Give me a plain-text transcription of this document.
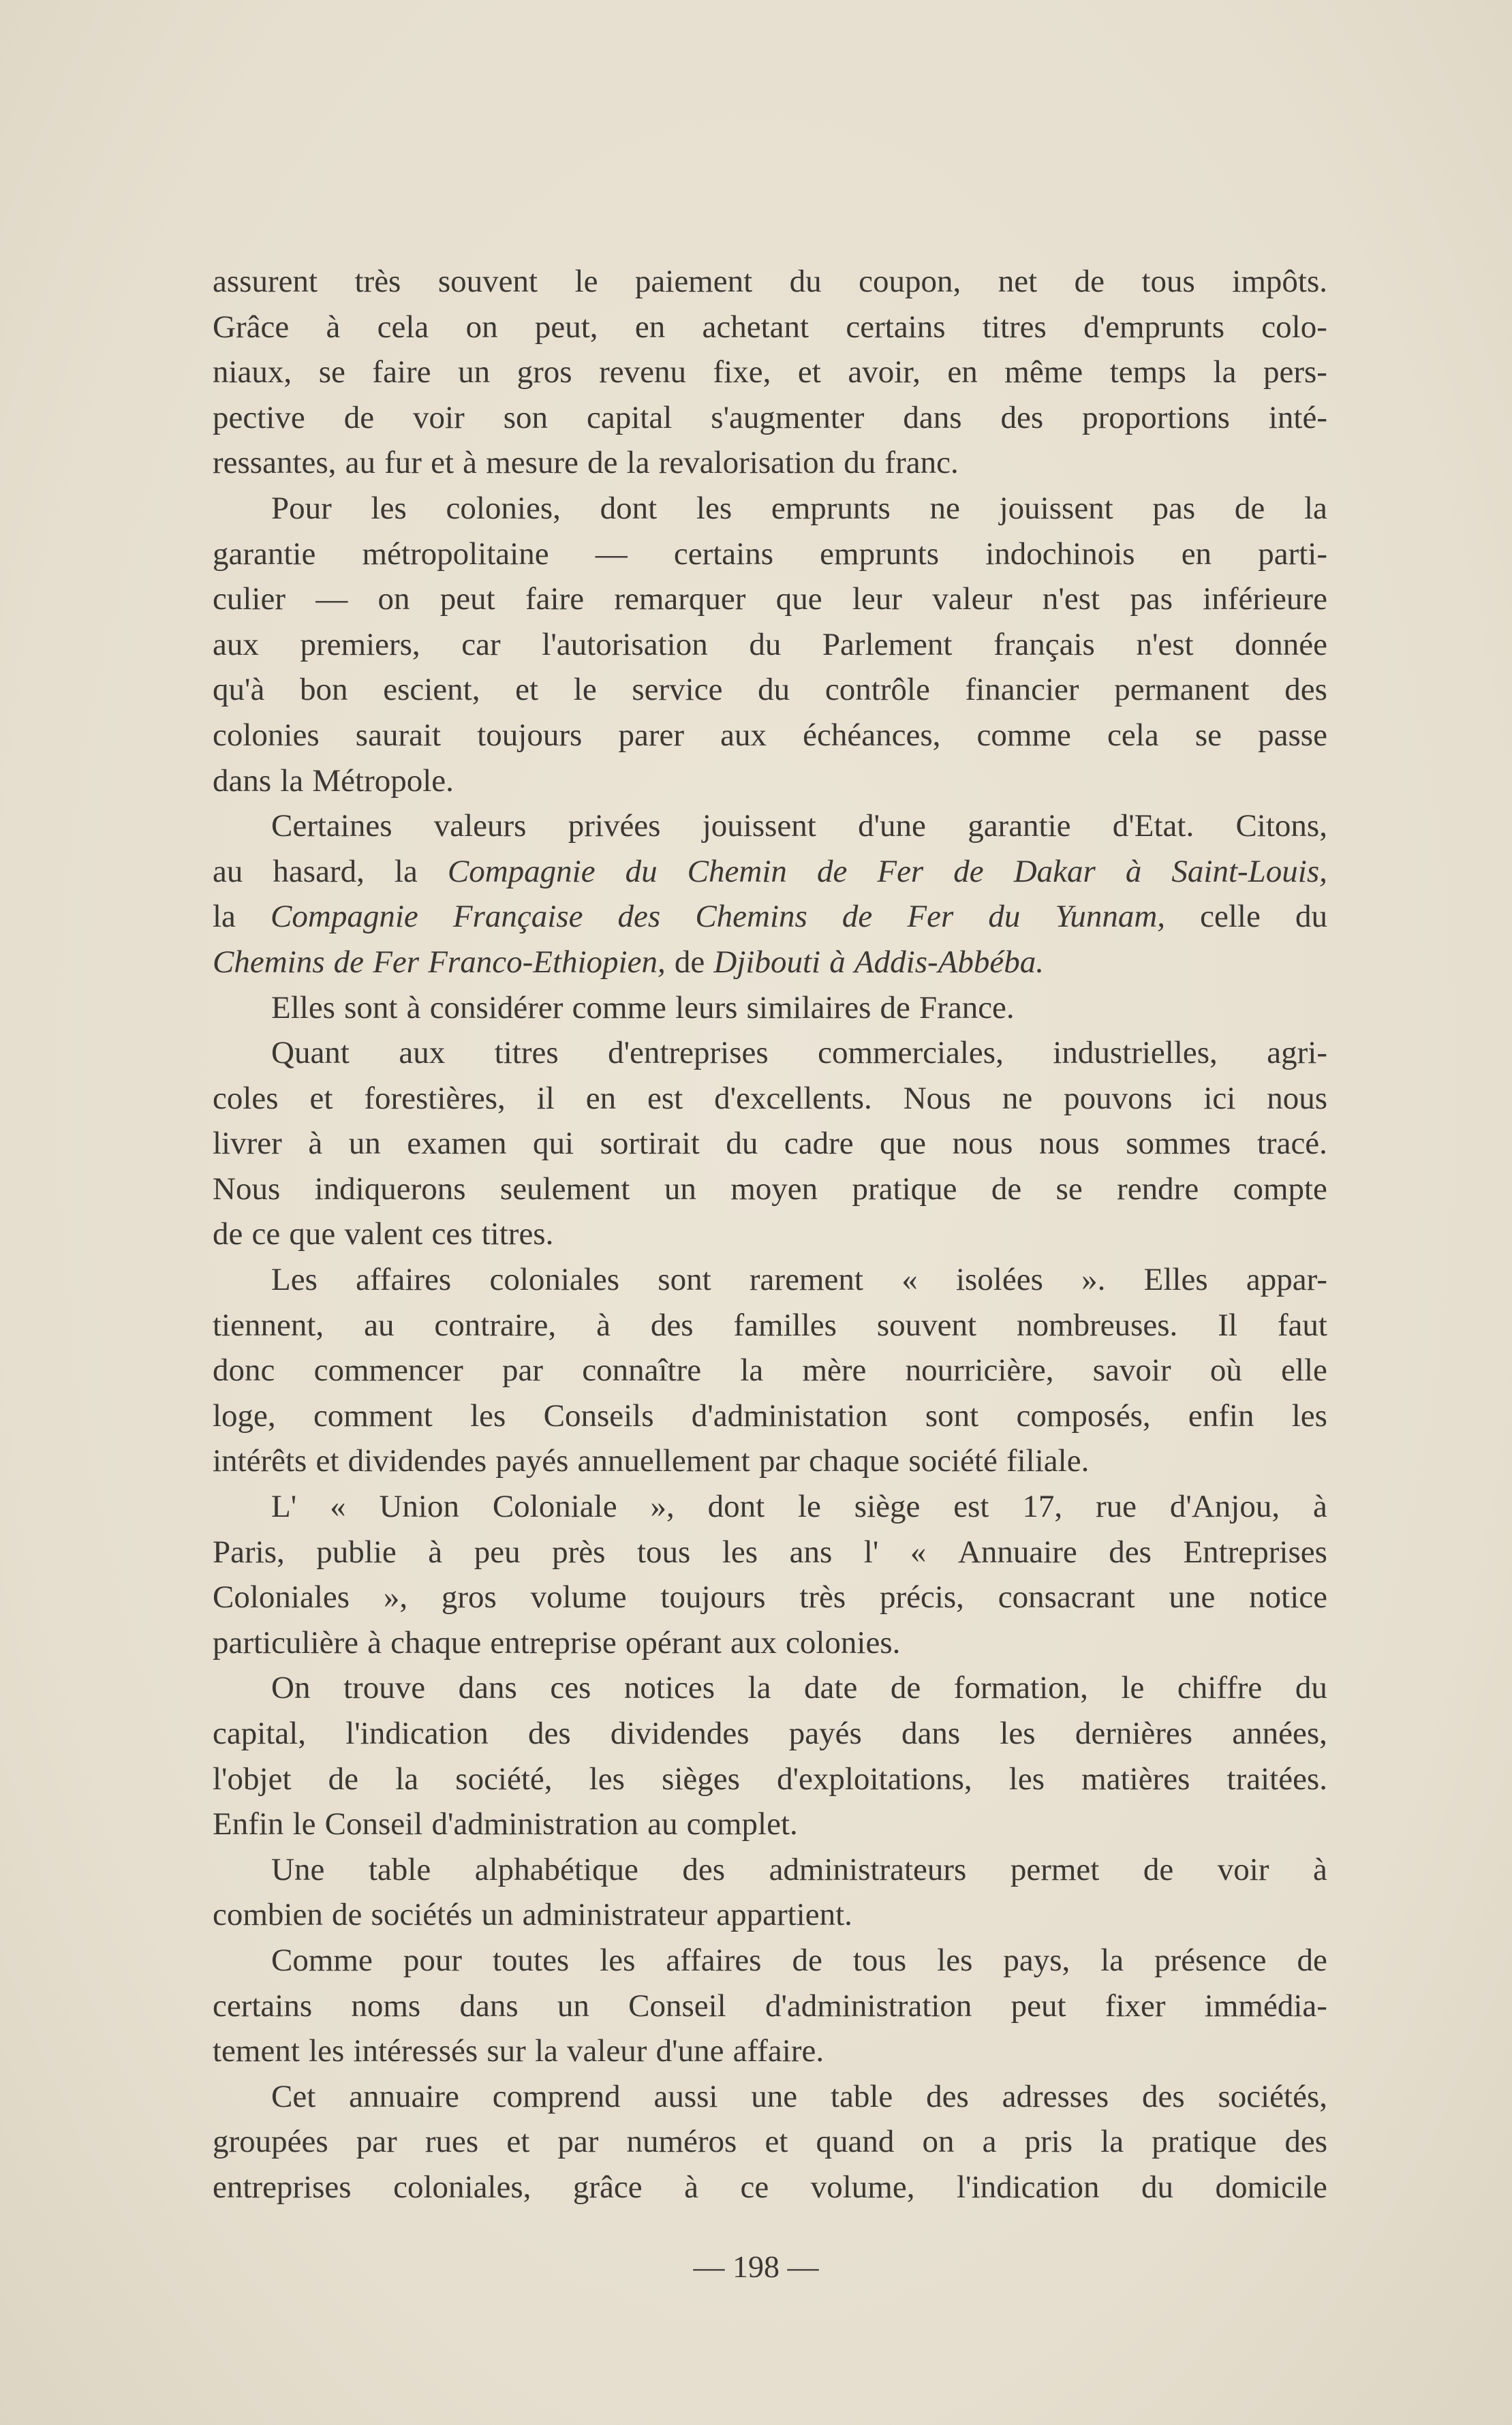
assurent très souvent le paiement du coupon, net de tous impôts.
Grâce à cela on peut, en achetant certains titres d'emprunts colo-
niaux, se faire un gros revenu fixe, et avoir, en même temps la pers-
pective de voir son capital s'augmenter dans des proportions inté-
ressantes, au fur et à mesure de la revalorisation du franc.
Pour les colonies, dont les emprunts ne jouissent pas de la
garantie métropolitaine — certains emprunts indochinois en parti-
culier — on peut faire remarquer que leur valeur n'est pas inférieure
aux premiers, car l'autorisation du Parlement français n'est donnée
qu'à bon escient, et le service du contrôle financier permanent des
colonies saurait toujours parer aux échéances, comme cela se passe
dans la Métropole.
Certaines valeurs privées jouissent d'une garantie d'Etat. Citons,
au hasard, la Compagnie du Chemin de Fer de Dakar à Saint-Louis,
la Compagnie Française des Chemins de Fer du Yunnam, celle du
Chemins de Fer Franco-Ethiopien, de Djibouti à Addis-Abbéba.
Elles sont à considérer comme leurs similaires de France.
Quant aux titres d'entreprises commerciales, industrielles, agri-
coles et forestières, il en est d'excellents. Nous ne pouvons ici nous
livrer à un examen qui sortirait du cadre que nous nous sommes tracé.
Nous indiquerons seulement un moyen pratique de se rendre compte
de ce que valent ces titres.
Les affaires coloniales sont rarement « isolées ». Elles appar-
tiennent, au contraire, à des familles souvent nombreuses. Il faut
donc commencer par connaître la mère nourricière, savoir où elle
loge, comment les Conseils d'administation sont composés, enfin les
intérêts et dividendes payés annuellement par chaque société filiale.
L' « Union Coloniale », dont le siège est 17, rue d'Anjou, à
Paris, publie à peu près tous les ans l' « Annuaire des Entreprises
Coloniales », gros volume toujours très précis, consacrant une notice
particulière à chaque entreprise opérant aux colonies.
On trouve dans ces notices la date de formation, le chiffre du
capital, l'indication des dividendes payés dans les dernières années,
l'objet de la société, les sièges d'exploitations, les matières traitées.
Enfin le Conseil d'administration au complet.
Une table alphabétique des administrateurs permet de voir à
combien de sociétés un administrateur appartient.
Comme pour toutes les affaires de tous les pays, la présence de
certains noms dans un Conseil d'administration peut fixer immédia-
tement les intéressés sur la valeur d'une affaire.
Cet annuaire comprend aussi une table des adresses des sociétés,
groupées par rues et par numéros et quand on a pris la pratique des
entreprises coloniales, grâce à ce volume, l'indication du domicile
— 198 —
